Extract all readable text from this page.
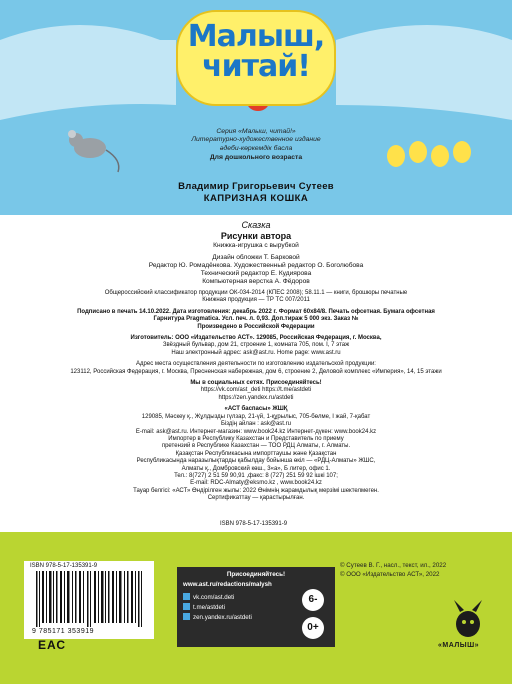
Малыш,
читай!
Серия «Малыш, читай!»
Литературно-художественное издание
әдеби-көркемдік басла
Для дошкольного возраста
Владимир Григорьевич Сутеев
КАПРИЗНАЯ КОШКА
Сказка
Рисунки автора
Книжка-игрушка с вырубкой
Дизайн обложки Т. Барковой
Редактор Ю. Ромадёнкова. Художественный редактор О. Боголюбова
Технический редактор Е. Кудиярова
Компьютерная верстка А. Фёдоров
Общероссийский классификатор продукции ОК-034-2014 (КПЕС 2008); 58.11.1 — книги, брошюры печатные
Книжная продукция — ТР ТС 007/2011
Подписано в печать 14.10.2022. Дата изготовления: декабрь 2022 г. Формат 60х84/8. Печать офсетная. Бумага офсетная
Гарнитура Pragmatica. Усл. печ. л. 0,93. Доп.тираж 5 000 экз. Заказ №
Произведено в Российской Федерации
Изготовитель: ООО «Издательство АСТ». 129085, Российская Федерация, г. Москва,
Звёздный бульвар, дом 21, строение 1, комната 705, пом. I, 7 этаж
Наш электронный адрес: ask@ast.ru. Home page: www.ast.ru
Адрес места осуществления деятельности по изготовлению издательской продукции:
123112, Российская Федерация, г. Москва, Пресненская набережная, дом 6, строение 2, Деловой комплекс «Империя», 14, 15 этажи
Мы в социальных сетях. Присоединяйтесь!
https://vk.com/ast_deti https://t.me/astdeti
https://zen.yandex.ru/astdeti
«АСТ баспасы» ЖШҚ
129085, Мәскеу қ., Жұлдызды гүлзар, 21-үй, 1-құрылыс, 705-бөлме, I жай, 7-қабат
Біздің айлан : ask@ast.ru
E-mail: ask@ast.ru. Интернет-магазин: www.book24.kz Интернет-дүкен: www.book24.kz
Импортер в Республику Казахстан и Представитель по приему
претензий в Республике Казахстан — ТОО РДЦ Алматы, г. Алматы.
Қазақстан Республикасына импорттаушы және Қазақстан
Республикасында наразылықтарды қабылдау бойынша өкіл — «РДЦ-Алматы» ЖШС,
Алматы қ., Домбровский көш., 3«а», Б литер, офис 1.
Тел.: 8(727) 2 51 59 90,91 ,факс: 8 (727) 251 59 92 ішкі 107;
E-mail: RDC-Almaty@eksmo.kz , www.book24.kz
Тауар белгісі: «АСТ» Өндірілген жылы: 2022 Өнімнің жарамдылық мерзімі шектелмеген.
Сертификаттау — қарастырылған.
ISBN 978-5-17-135391-9
ISBN 978-5-17-135391-9
9 785171 353919
ЕАС
Присоединяйтесь!
www.ast.ru/redactions/malysh
vk.com/ast.deti
t.me/astdeti
zen.yandex.ru/astdeti
6-
0+
© Сутеев В. Г., насл., текст, ил., 2022
© ООО «Издательство АСТ», 2022
«МАЛЫШ»
